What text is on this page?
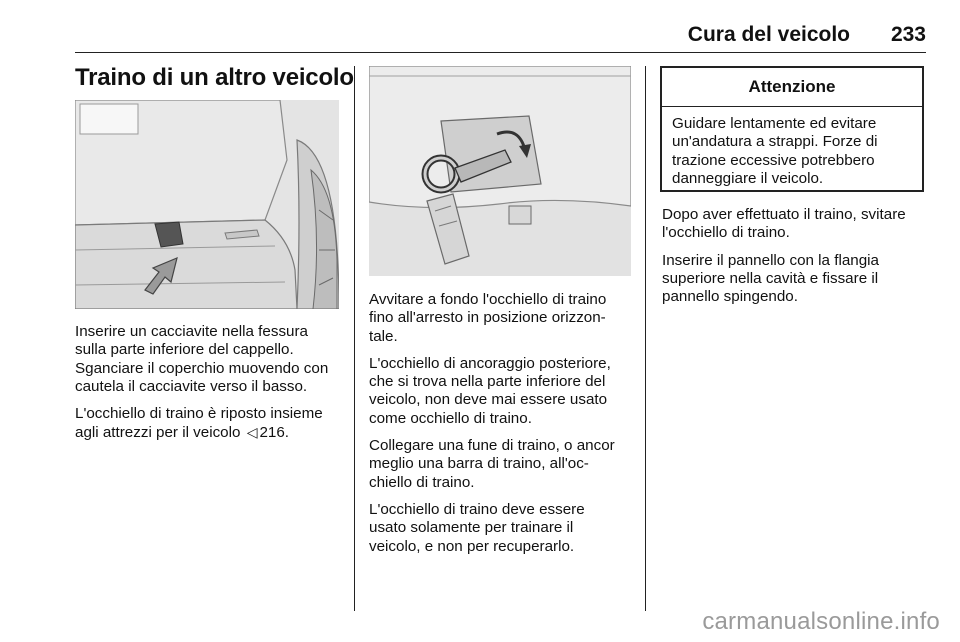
Cura del veicolo	233
Traino di un altro veicolo

Inserire un cacciavite nella fessura
sulla parte inferiore del cappello.
Sganciare il coperchio muovendo con
cautela il cacciavite verso il basso.

L'occhiello di traino è riposto insieme
agli attrezzi per il veicolo ◁ 216.

Avvitare a fondo l'occhiello di traino
fino all'arresto in posizione orizzon-
tale.

L'occhiello di ancoraggio posteriore,
che si trova nella parte inferiore del
veicolo, non deve mai essere usato
come occhiello di traino.

Collegare una fune di traino, o ancor
meglio una barra di traino, all'oc-
chiello di traino.

L'occhiello di traino deve essere
usato solamente per trainare il
veicolo, e non per recuperarlo.

Attenzione
Guidare lentamente ed evitare
un'andatura a strappi. Forze di
trazione eccessive potrebbero
danneggiare il veicolo.

Dopo aver effettuato il traino, svitare
l'occhiello di traino.

Inserire il pannello con la flangia
superiore nella cavità e fissare il
pannello spingendo.

carmanualsonline.info
